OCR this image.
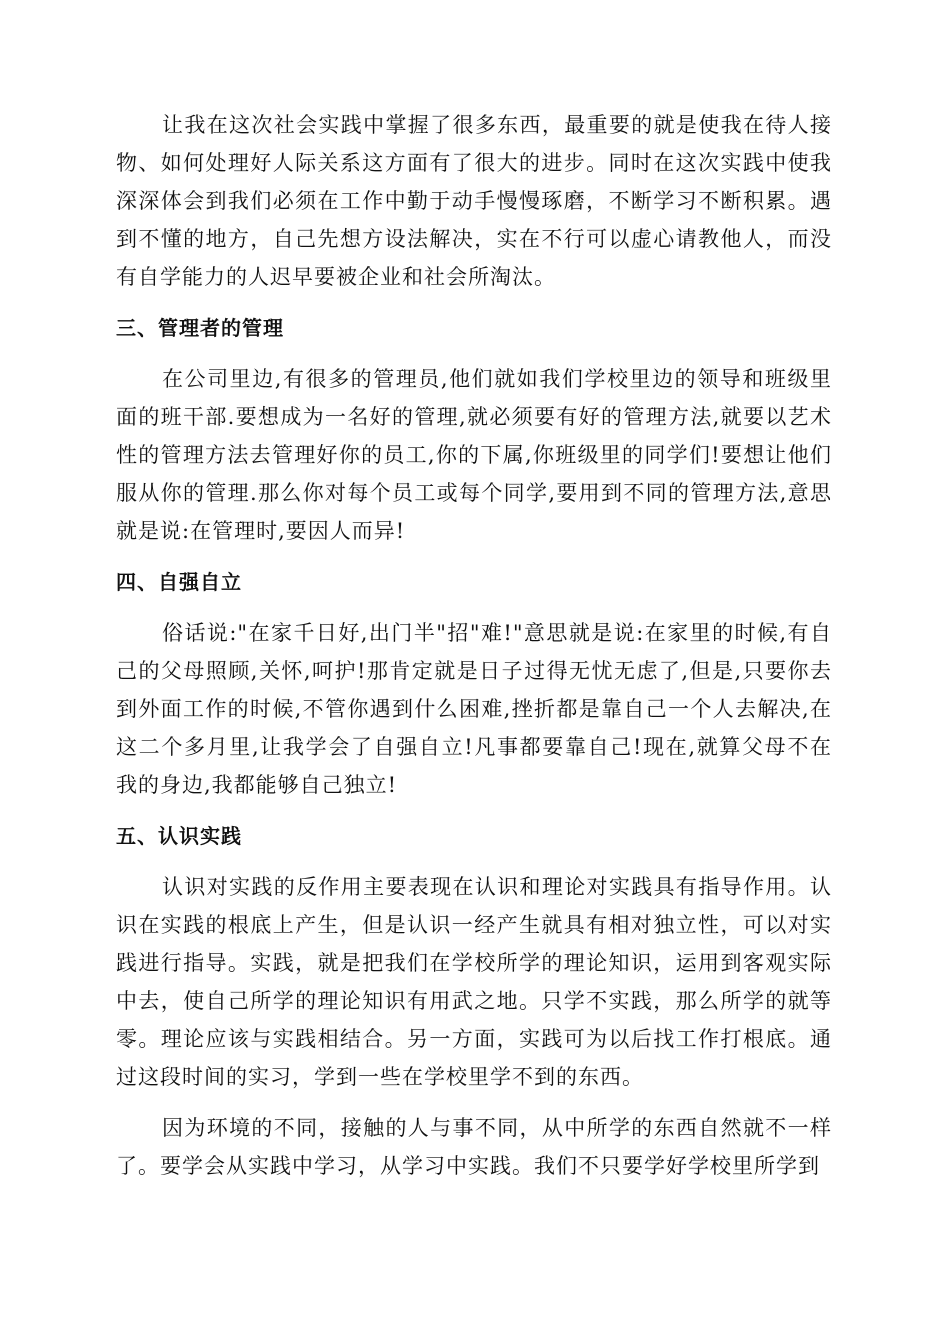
让我在这次社会实践中掌握了很多东西，最重要的就是使我在待人接物、如何处理好人际关系这方面有了很大的进步。同时在这次实践中使我深深体会到我们必须在工作中勤于动手慢慢琢磨，不断学习不断积累。遇到不懂的地方，自己先想方设法解决，实在不行可以虚心请教他人，而没有自学能力的人迟早要被企业和社会所淘汰。

三、管理者的管理

在公司里边,有很多的管理员,他们就如我们学校里边的领导和班级里面的班干部.要想成为一名好的管理,就必须要有好的管理方法,就要以艺术性的管理方法去管理好你的员工,你的下属,你班级里的同学们!要想让他们服从你的管理.那么你对每个员工或每个同学,要用到不同的管理方法,意思就是说:在管理时,要因人而异!

四、自强自立

俗话说:"在家千日好,出门半"招"难!"意思就是说:在家里的时候,有自己的父母照顾,关怀,呵护!那肯定就是日子过得无忧无虑了,但是,只要你去到外面工作的时候,不管你遇到什么困难,挫折都是靠自己一个人去解决,在这二个多月里,让我学会了自强自立!凡事都要靠自己!现在,就算父母不在我的身边,我都能够自己独立!

五、认识实践

认识对实践的反作用主要表现在认识和理论对实践具有指导作用。认识在实践的根底上产生，但是认识一经产生就具有相对独立性，可以对实践进行指导。实践，就是把我们在学校所学的理论知识，运用到客观实际中去，使自己所学的理论知识有用武之地。只学不实践，那么所学的就等零。理论应该与实践相结合。另一方面，实践可为以后找工作打根底。通过这段时间的实习，学到一些在学校里学不到的东西。

因为环境的不同，接触的人与事不同，从中所学的东西自然就不一样了。要学会从实践中学习，从学习中实践。我们不只要学好学校里所学到
